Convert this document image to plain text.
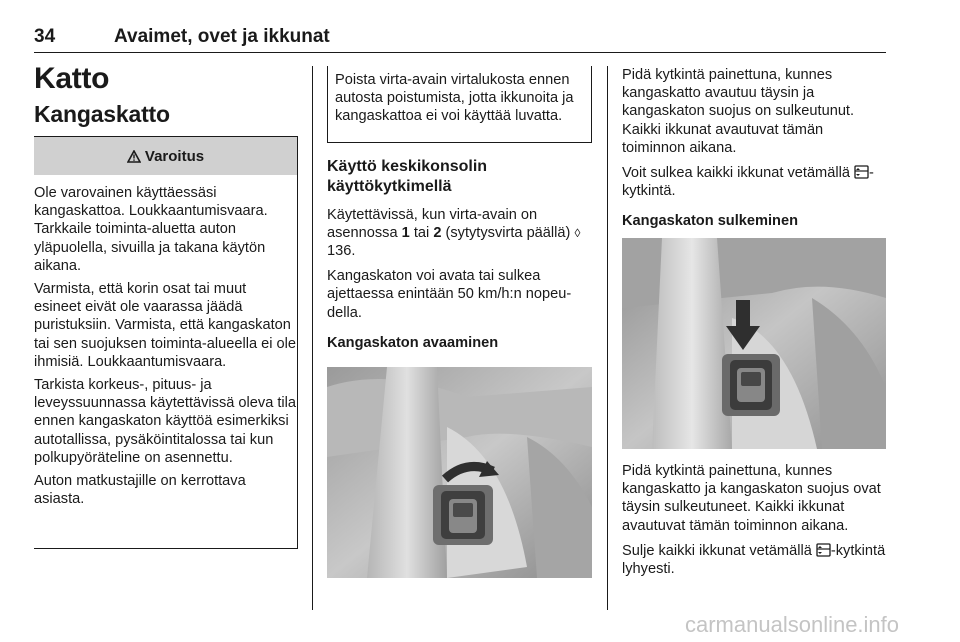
34	Avaimet, ovet ja ikkunat
Katto
Kangaskatto
Varoitus

Ole varovainen käyttäessäsi kangaskattoa. Loukkaantumisvaara. Tarkkaile toiminta-aluetta auton yläpuolella, sivuilla ja takana käytön aikana.

Varmista, että korin osat tai muut esineet eivät ole vaarassa jäädä puristuksiin. Varmista, että kangaskaton tai sen suojuksen toiminta-alueella ei ole ihmisiä. Loukkaantumisvaara.

Tarkista korkeus-, pituus- ja leveyssuunnassa käytettävissä oleva tila ennen kangaskaton käyttöä esimerkiksi autotallissa, pysäköintitalossa tai kun polkupyöräteline on asennettu.

Auton matkustajille on kerrottava asiasta.

Poista virta-avain virtalukosta ennen autosta poistumista, jotta ikkunoita ja kangaskattoa ei voi käyttää luvatta.

Käyttö keskikonsolin käyttökytkimellä

Käytettävissä, kun virta-avain on asennossa 1 tai 2 (sytytysvirta päällä) ◊ 136.

Kangaskaton voi avata tai sulkea ajettaessa enintään 50 km/h:n nopeudella.

Kangaskaton avaaminen

Pidä kytkintä painettuna, kunnes kangaskatto avautuu täysin ja kangaskaton suojus on sulkeutunut. Kaikki ikkunat avautuvat tämän toiminnon aikana.

Voit sulkea kaikki ikkunat vetämällä -kytkintä.

Kangaskaton sulkeminen

Pidä kytkintä painettuna, kunnes kangaskatto ja kangaskaton suojus ovat täysin sulkeutuneet. Kaikki ikkunat avautuvat tämän toiminnon aikana.

Sulje kaikki ikkunat vetämällä -kytkintä lyhyesti.

carmanualsonline.info
